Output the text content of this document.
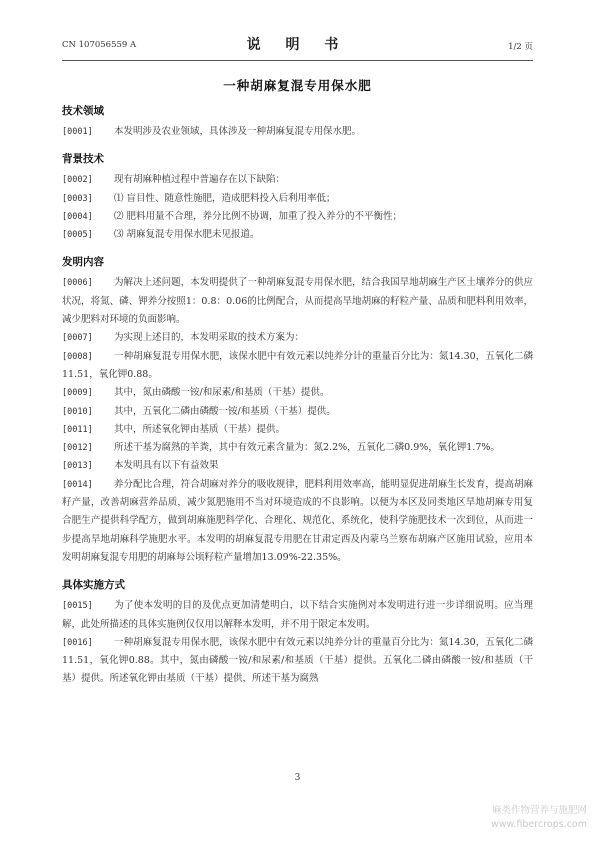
CN 107056559 A	说 明 书	1/2 页
一种胡麻复混专用保水肥
技术领域
[ 0001 ]	本发明涉及农业领域，具体涉及一种胡麻复混专用保水肥。
背景技术
[ 0002 ]	现有胡麻种植过程中普遍存在以下缺陷：
[ 0003 ]	⑴ 盲目性、随意性施肥，造成肥料投入后利用率低；
[ 0004 ]	⑵ 肥料用量不合理，养分比例不协调，加重了投入养分的不平衡性；
[ 0005 ]	⑶ 胡麻复混专用保水肥未见报道。
发明内容
[ 0006 ]	为解决上述问题，本发明提供了一种胡麻复混专用保水肥，结合我国旱地胡麻生产区土壤养分的供应状况，将氮、磷、钾养分按照1：0.8：0.06的比例配合，从而提高旱地胡麻的籽粒产量、品质和肥料利用效率，减少肥料对环境的负面影响。
[ 0007 ]	为实现上述目的，本发明采取的技术方案为：
[ 0008 ]	一种胡麻复混专用保水肥，该保水肥中有效元素以纯养分计的重量百分比为：氮14.30，五氧化二磷11.51，氧化钾0.88。
[ 0009 ]	其中，氮由磷酸一铵/和尿素/和基质（干基）提供。
[ 0010 ]	其中，五氧化二磷由磷酸一铵/和基质（干基）提供。
[ 0011 ]	其中，所述氧化钾由基质（干基）提供。
[ 0012 ]	所述干基为腐熟的羊粪，其中有效元素含量为：氮2.2%，五氧化二磷0.9%，氧化钾1.7%。
[ 0013 ]	本发明具有以下有益效果
[ 0014 ]	养分配比合理，符合胡麻对养分的吸收规律，肥料利用效率高，能明显促进胡麻生长发育，提高胡麻籽产量，改善胡麻营养品质，减少氮肥施用不当对环境造成的不良影响。以便为本区及同类地区旱地胡麻专用复合肥生产提供科学配方，做到胡麻施肥科学化、合理化、规范化、系统化，使科学施肥技术一次到位，从而进一步提高旱地胡麻科学施肥水平。本发明的胡麻复混专用肥在甘肃定西及内蒙乌兰察布胡麻产区施用试验，应用本发明胡麻复混专用肥的胡麻每公顷籽粒产量增加13.09%-22.35%。
具体实施方式
[ 0015 ]	为了使本发明的目的及优点更加清楚明白，以下结合实施例对本发明进行进一步详细说明。应当理解，此处所描述的具体实施例仅仅用以解释本发明，并不用于限定本发明。
[ 0016 ]	一种胡麻复混专用保水肥，该保水肥中有效元素以纯养分计的重量百分比为：氮14.30，五氧化二磷11.51，氧化钾0.88。其中，氮由磷酸一铵/和尿素/和基质（干基）提供。五氧化二磷由磷酸一铵/和基质（干基）提供。所述氧化钾由基质（干基）提供，所述干基为腐熟
3
麻类作物营养与施肥网
www.fibercrops.com
